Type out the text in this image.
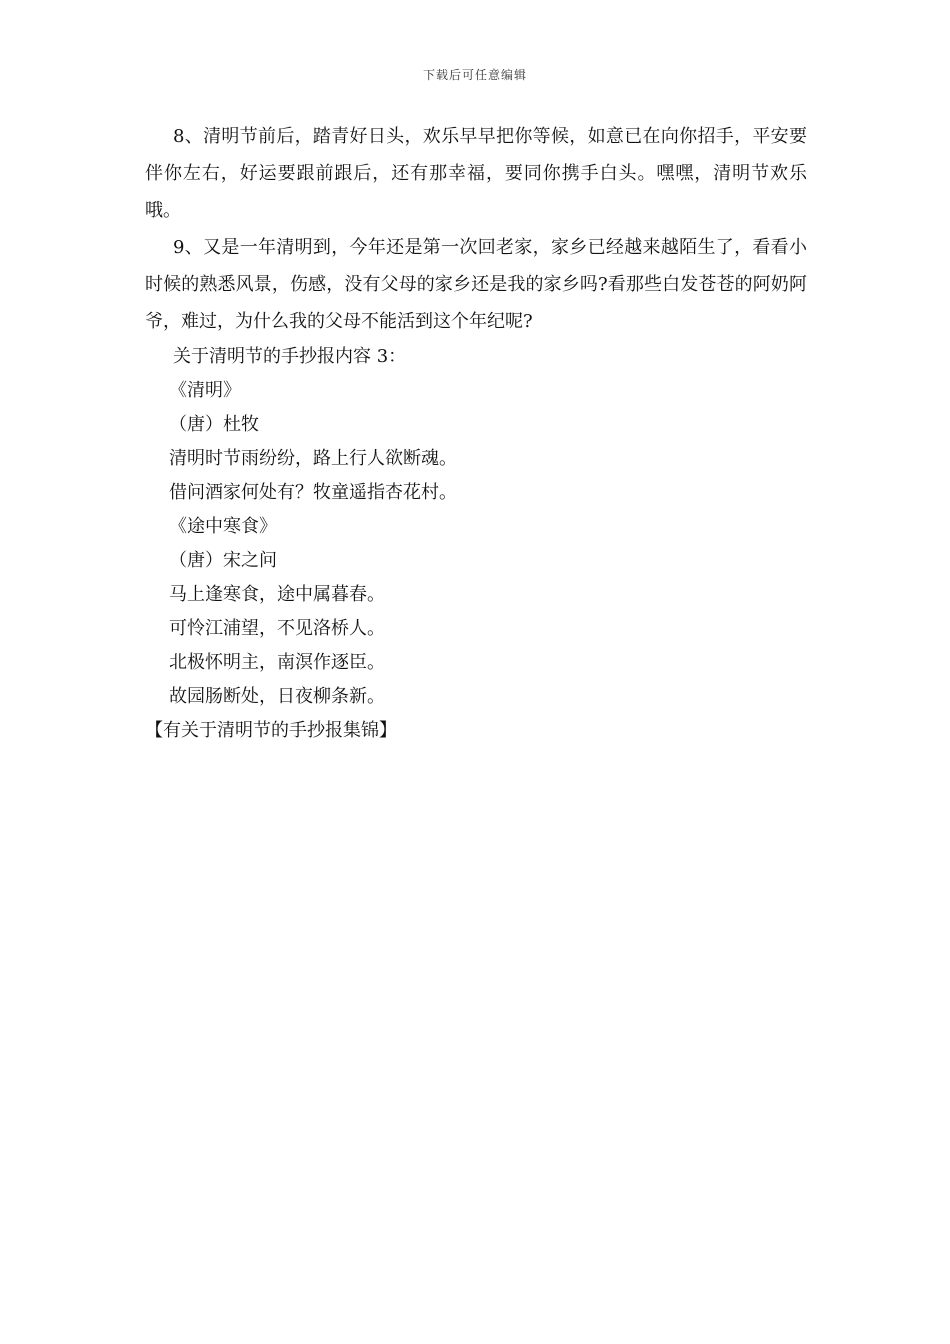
下载后可任意编辑

8、清明节前后，踏青好日头，欢乐早早把你等候，如意已在向你招手，平安要伴你左右，好运要跟前跟后，还有那幸福，要同你携手白头。嘿嘿，清明节欢乐哦。

9、又是一年清明到，今年还是第一次回老家，家乡已经越来越陌生了，看看小时候的熟悉风景，伤感，没有父母的家乡还是我的家乡吗?看那些白发苍苍的阿奶阿爷，难过，为什么我的父母不能活到这个年纪呢?

关于清明节的手抄报内容 3：

《清明》

（唐）杜牧

清明时节雨纷纷，路上行人欲断魂。

借问酒家何处有？牧童遥指杏花村。

《途中寒食》

（唐）宋之问

马上逢寒食，途中属暮春。

可怜江浦望，不见洛桥人。

北极怀明主，南溟作逐臣。

故园肠断处，日夜柳条新。

【有关于清明节的手抄报集锦】
